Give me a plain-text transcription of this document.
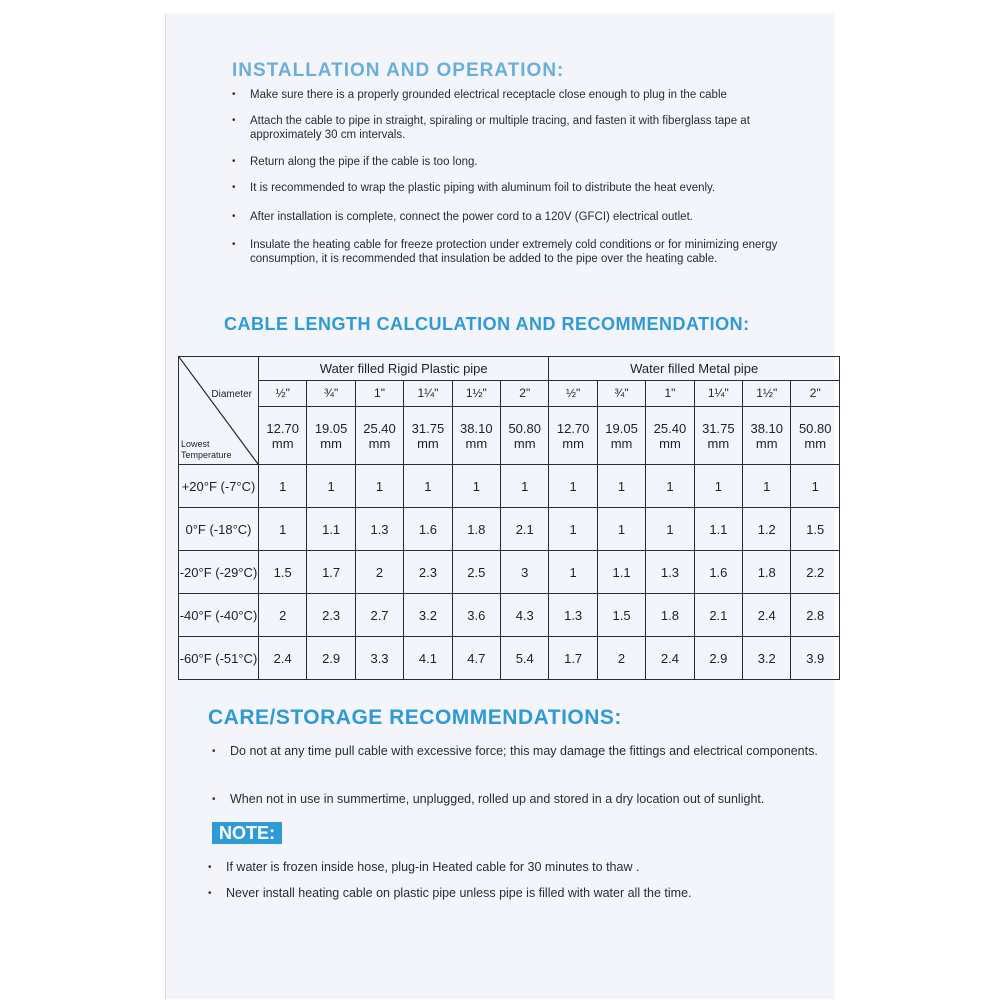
INSTALLATION AND OPERATION:
• Make sure there is a properly grounded electrical receptacle close enough to plug in the cable
• Attach the cable to pipe in straight, spiraling or multiple tracing, and fasten it with fiberglass tape at approximately 30 cm intervals.
• Return along the pipe if the cable is too long.
• It is recommended to wrap the plastic piping with aluminum foil to distribute the heat evenly.
• After installation is complete, connect the power cord to a 120V (GFCI) electrical outlet.
• Insulate the heating cable for freeze protection under extremely cold conditions or for minimizing energy consumption, it is recommended that insulation be added to the pipe over the heating cable.
CABLE LENGTH CALCULATION AND RECOMMENDATION:
Diameter
Lowest Temperature	Water filled Rigid Plastic pipe						Water filled Metal pipe					
	½"	¾"	1"	1¼"	1½"	2"	½"	¾"	1"	1¼"	1½"	2"
	12.70 mm	19.05 mm	25.40 mm	31.75 mm	38.10 mm	50.80 mm	12.70 mm	19.05 mm	25.40 mm	31.75 mm	38.10 mm	50.80 mm
+20°F (-7°C)	1	1	1	1	1	1	1	1	1	1	1	1
0°F (-18°C)	1	1.1	1.3	1.6	1.8	2.1	1	1	1	1.1	1.2	1.5
-20°F (-29°C)	1.5	1.7	2	2.3	2.5	3	1	1.1	1.3	1.6	1.8	2.2
-40°F (-40°C)	2	2.3	2.7	3.2	3.6	4.3	1.3	1.5	1.8	2.1	2.4	2.8
-60°F (-51°C)	2.4	2.9	3.3	4.1	4.7	5.4	1.7	2	2.4	2.9	3.2	3.9
CARE/STORAGE RECOMMENDATIONS:
• Do not at any time pull cable with excessive force; this may damage the fittings and electrical components.
• When not in use in summertime, unplugged, rolled up and stored in a dry location out of sunlight.
NOTE:
• If water is frozen inside hose, plug-in Heated cable for 30 minutes to thaw .
• Never install heating cable on plastic pipe unless pipe is filled with water all the time.
